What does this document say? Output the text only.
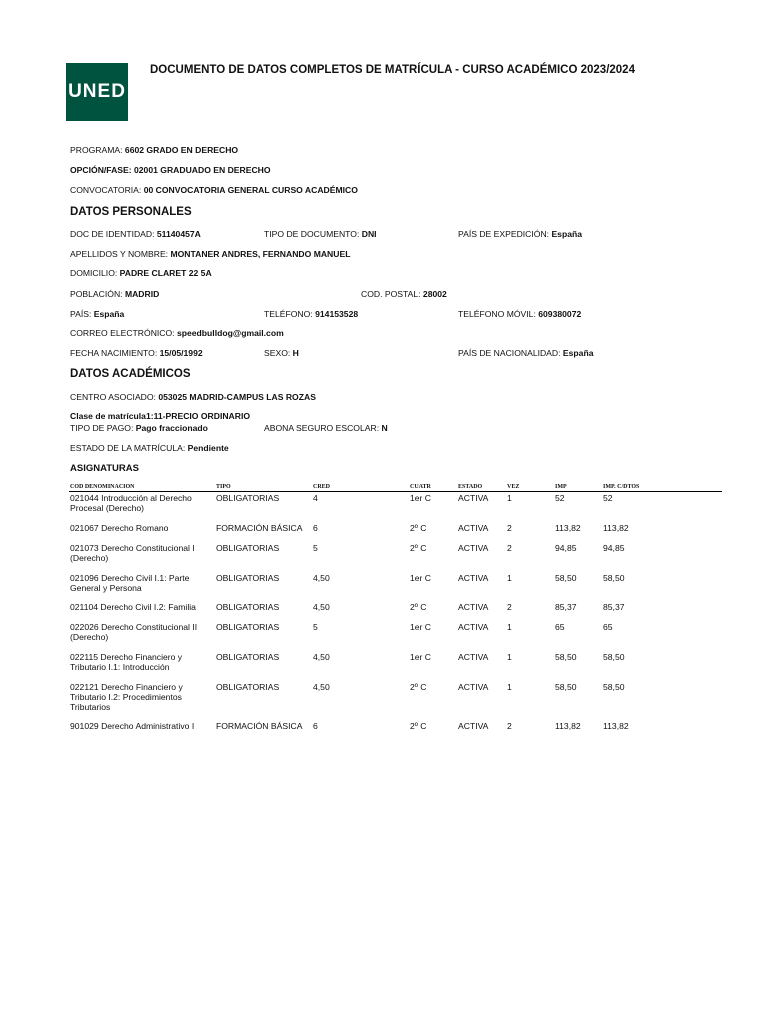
UNED
DOCUMENTO DE DATOS COMPLETOS DE MATRÍCULA - CURSO ACADÉMICO 2023/2024
PROGRAMA: 6602 GRADO EN DERECHO
OPCIÓN/FASE: 02001 GRADUADO EN DERECHO
CONVOCATORIA: 00 CONVOCATORIA GENERAL CURSO ACADÉMICO
DATOS PERSONALES
DOC DE IDENTIDAD: 51140457A	TIPO DE DOCUMENTO: DNI	PAÍS DE EXPEDICIÓN: España
APELLIDOS Y NOMBRE: MONTANER ANDRES, FERNANDO MANUEL
DOMICILIO: PADRE CLARET 22 5A
POBLACIÓN: MADRID	COD. POSTAL: 28002
PAÍS: España	TELÉFONO: 914153528	TELÉFONO MÓVIL: 609380072
CORREO ELECTRÓNICO: speedbulldog@gmail.com
FECHA NACIMIENTO: 15/05/1992	SEXO: H	PAÍS DE NACIONALIDAD: España
DATOS ACADÉMICOS
CENTRO ASOCIADO: 053025 MADRID-CAMPUS LAS ROZAS
Clase de matrícula1:11-PRECIO ORDINARIO
TIPO DE PAGO: Pago fraccionado	ABONA SEGURO ESCOLAR: N
ESTADO DE LA MATRÍCULA: Pendiente
ASIGNATURAS
COD DENOMINACION	TIPO	CRED	CUATR	ESTADO	VEZ	IMP	IMP. C/DTOS
021044 Introducción al Derecho Procesal (Derecho)
OBLIGATORIAS	4	1er C	ACTIVA 1	52	52
021067 Derecho Romano	FORMACIÓN BÁSICA 6	2º C	ACTIVA 2	113,82	113,82
021073 Derecho Constitucional I (Derecho)
OBLIGATORIAS	5	2º C	ACTIVA 2	94,85	94,85
021096 Derecho Civil I.1: Parte General y Persona
OBLIGATORIAS	4,50	1er C	ACTIVA 1	58,50	58,50
021104 Derecho Civil I.2: Familia	OBLIGATORIAS	4,50	2º C	ACTIVA 2	85,37	85,37
022026 Derecho Constitucional II (Derecho)
OBLIGATORIAS	5	1er C	ACTIVA 1	65	65
022115 Derecho Financiero y Tributario I.1: Introducción
OBLIGATORIAS	4,50	1er C	ACTIVA 1	58,50	58,50
022121 Derecho Financiero y Tributario I.2: Procedimientos Tributarios
OBLIGATORIAS	4,50	2º C	ACTIVA 1	58,50	58,50
901029 Derecho Administrativo I	FORMACIÓN BÁSICA 6	2º C	ACTIVA 2	113,82	113,82
